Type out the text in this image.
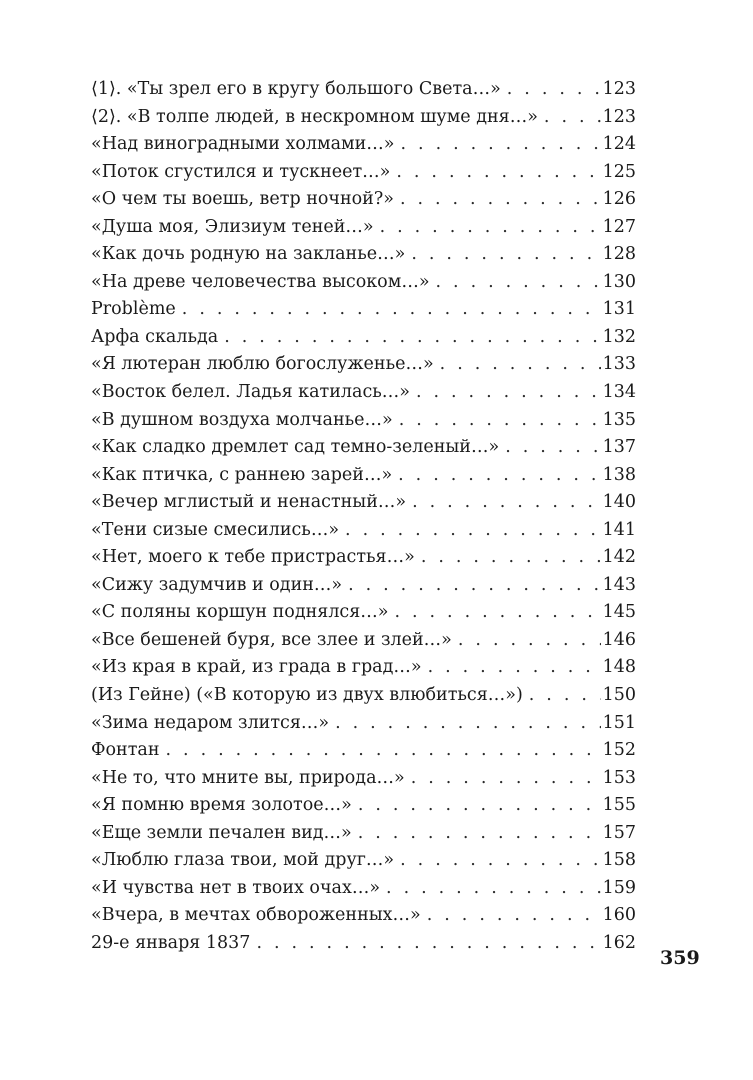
⟨1⟩. «Ты зрел его в кругу большого Света…» . . .	123
⟨2⟩. «В толпе людей, в нескромном шуме дня…» . . .	123
«Над виноградными холмами…» . . .	124
«Поток сгустился и тускнеет…» . . .	125
«О чем ты воешь, ветр ночной?» . . .	126
«Душа моя, Элизиум теней…» . . .	127
«Как дочь родную на закланье…» . . .	128
«На древе человечества высоком…» . . .	130
Problème . . .	131
Арфа скальда . . .	132
«Я лютеран люблю богослуженье…» . . .	133
«Восток белел. Ладья катилась…» . . .	134
«В душном воздуха молчанье…» . . .	135
«Как сладко дремлет сад темно-зеленый…» . . .	137
«Как птичка, с раннею зарей…» . . .	138
«Вечер мглистый и ненастный…» . . .	140
«Тени сизые смесились…» . . .	141
«Нет, моего к тебе пристрастья…» . . .	142
«Сижу задумчив и один…» . . .	143
«С поляны коршун поднялся…» . . .	145
«Все бешеней буря, все злее и злей…» . . .	146
«Из края в край, из града в град…» . . .	148
(Из Гейне) («В которую из двух влюбиться…») . . .	150
«Зима недаром злится…» . . .	151
Фонтан . . .	152
«Не то, что мните вы, природа…» . . .	153
«Я помню время золотое…» . . .	155
«Еще земли печален вид…» . . .	157
«Люблю глаза твои, мой друг…» . . .	158
«И чувства нет в твоих очах…» . . .	159
«Вчера, в мечтах обвороженных…» . . .	160
29-е января 1837 . . .	162
359
